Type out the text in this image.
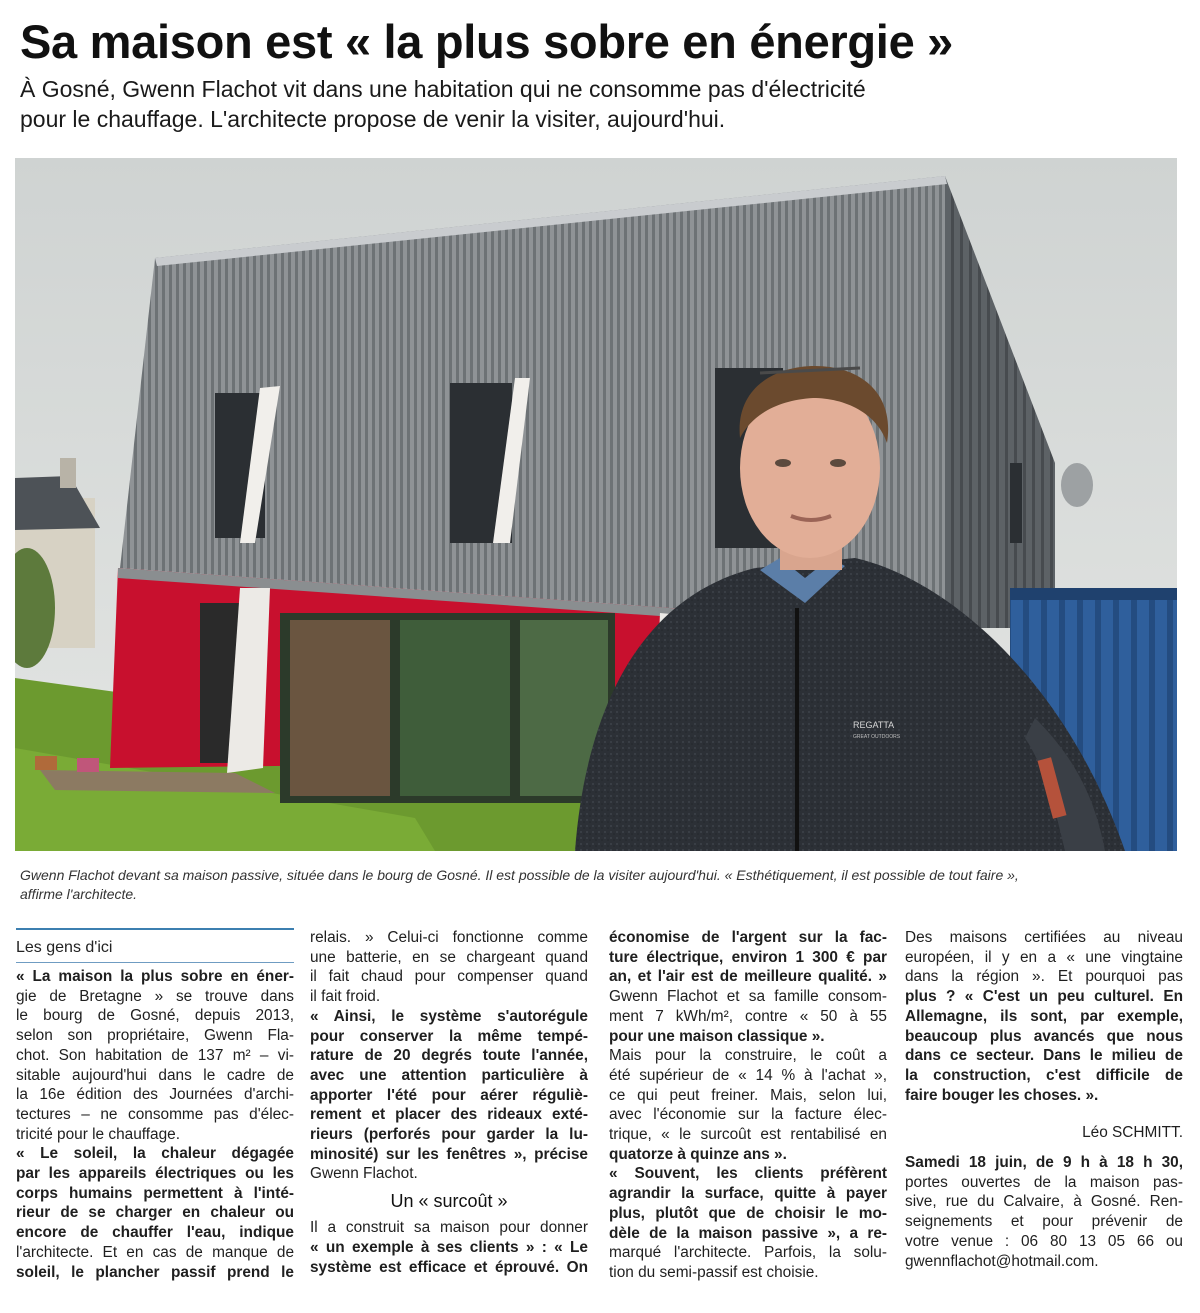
Sa maison est « la plus sobre en énergie »
À Gosné, Gwenn Flachot vit dans une habitation qui ne consomme pas d'électricité
pour le chauffage. L'architecte propose de venir la visiter, aujourd'hui.
REGATTA
GREAT OUTDOORS
Gwenn Flachot devant sa maison passive, située dans le bourg de Gosné. Il est possible de la visiter aujourd'hui. « Esthétiquement, il est possible de tout faire »,
affirme l'architecte.
Les gens d'ici
« La maison la plus sobre en éner-
gie de Bretagne » se trouve dans
le bourg de Gosné, depuis 2013,
selon son propriétaire, Gwenn Fla-
chot. Son habitation de 137 m² – vi-
sitable aujourd'hui dans le cadre de
la 16e édition des Journées d'archi-
tectures – ne consomme pas d'élec-
tricité pour le chauffage.
« Le soleil, la chaleur dégagée
par les appareils électriques ou les
corps humains permettent à l'inté-
rieur de se charger en chaleur ou
encore de chauffer l'eau, indique
l'architecte. Et en cas de manque de
soleil, le plancher passif prend le
relais. » Celui-ci fonctionne comme
une batterie, en se chargeant quand
il fait chaud pour compenser quand
il fait froid.
« Ainsi, le système s'autorégule
pour conserver la même tempé-
rature de 20 degrés toute l'année,
avec une attention particulière à
apporter l'été pour aérer réguliè-
rement et placer des rideaux exté-
rieurs (perforés pour garder la lu-
minosité) sur les fenêtres », précise
Gwenn Flachot.
Un « surcoût »
Il a construit sa maison pour donner
« un exemple à ses clients » : « Le
système est efficace et éprouvé. On
économise de l'argent sur la fac-
ture électrique, environ 1 300 € par
an, et l'air est de meilleure qualité. »
Gwenn Flachot et sa famille consom-
ment 7 kWh/m², contre « 50 à 55
pour une maison classique ».
Mais pour la construire, le coût a
été supérieur de « 14 % à l'achat »,
ce qui peut freiner. Mais, selon lui,
avec l'économie sur la facture élec-
trique, « le surcoût est rentabilisé en
quatorze à quinze ans ».
« Souvent, les clients préfèrent
agrandir la surface, quitte à payer
plus, plutôt que de choisir le mo-
dèle de la maison passive », a re-
marqué l'architecte. Parfois, la solu-
tion du semi-passif est choisie.
Des maisons certifiées au niveau
européen, il y en a « une vingtaine
dans la région ». Et pourquoi pas
plus ? « C'est un peu culturel. En
Allemagne, ils sont, par exemple,
beaucoup plus avancés que nous
dans ce secteur. Dans le milieu de
la construction, c'est difficile de
faire bouger les choses. ».
Léo SCHMITT.
Samedi 18 juin, de 9 h à 18 h 30,
portes ouvertes de la maison pas-
sive, rue du Calvaire, à Gosné. Ren-
seignements et pour prévenir de
votre venue : 06 80 13 05 66 ou
gwennflachot@hotmail.com.
